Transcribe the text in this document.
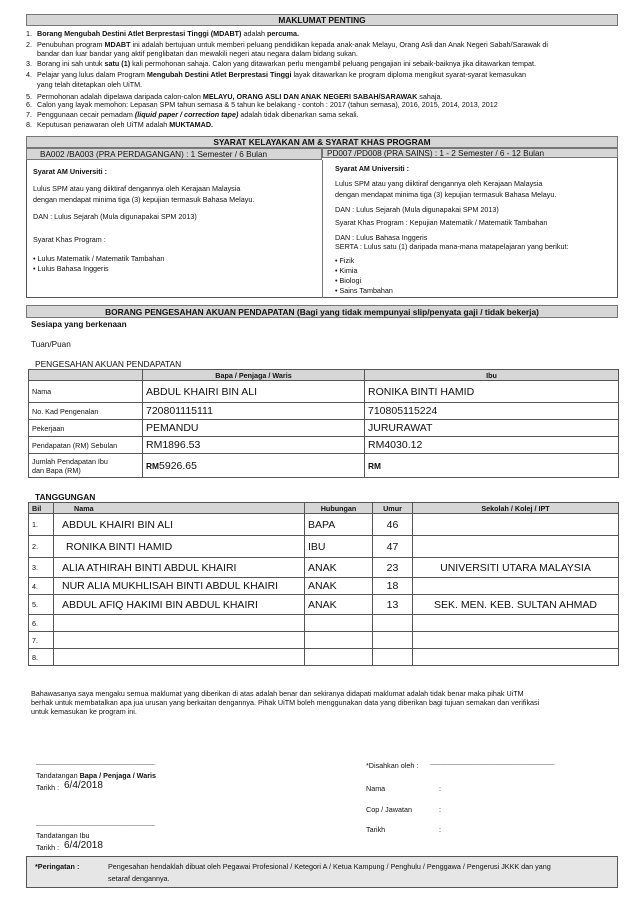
MAKLUMAT PENTING
1. Borang Mengubah Destini Atlet Berprestasi Tinggi (MDABT) adalah percuma.
2. Penubuhan program MDABT ini adalah bertujuan untuk memberi peluang pendidikan kepada anak-anak Melayu, Orang Asli dan Anak Negeri Sabah/Sarawak di
bandar dan luar bandar yang aktif penglibatan dan mewakili negeri atau negara dalam bidang sukan.
3. Borang ini sah untuk satu (1) kali permohonan sahaja. Calon yang ditawarkan perlu mengambil peluang pengajian ini sebaik-baiknya jika ditawarkan tempat.
4. Pelajar yang lulus dalam Program Mengubah Destini Atlet Berprestasi Tinggi layak ditawarkan ke program diploma mengikut syarat-syarat kemasukan
yang telah ditetapkan oleh UiTM.
5. Permohonan adalah dipelawa daripada calon-calon MELAYU, ORANG ASLI DAN ANAK NEGERI SABAH/SARAWAK sahaja.
6. Calon yang layak memohon: Lepasan SPM tahun semasa & 5 tahun ke belakang - contoh : 2017 (tahun semasa), 2016, 2015, 2014, 2013, 2012
7. Penggunaan cecair pemadam (liquid paper / correction tape) adalah tidak dibenarkan sama sekali.
8. Keputusan penawaran oleh UiTM adalah MUKTAMAD.
SYARAT KELAYAKAN AM & SYARAT KHAS PROGRAM
BA002 /BA003 (PRA PERDAGANGAN) : 1 Semester / 6 Bulan	PD007 /PD008 (PRA SAINS) : 1 - 2 Semester / 6 - 12 Bulan
Syarat AM Universiti :
Lulus SPM atau yang diiktiraf dengannya oleh Kerajaan Malaysia
dengan mendapat minima tiga (3) kepujian termasuk Bahasa Melayu.
DAN : Lulus Sejarah (Mula digunapakai SPM 2013)
Syarat Khas Program :
• Lulus Matematik / Matematik Tambahan
• Lulus Bahasa Inggeris
Syarat AM Universiti :
Lulus SPM atau yang diiktiraf dengannya oleh Kerajaan Malaysia
dengan mendapat minima tiga (3) kepujian termasuk Bahasa Melayu.
DAN : Lulus Sejarah (Mula digunapakai SPM 2013)
Syarat Khas Program : Kepujian Matematik / Matematik Tambahan
DAN : Lulus Bahasa Inggeris
SERTA : Lulus satu (1) daripada mana-mana matapelajaran yang berikut:
• Fizik
• Kimia
• Biologi
• Sains Tambahan
BORANG PENGESAHAN AKUAN PENDAPATAN (Bagi yang tidak mempunyai slip/penyata gaji / tidak bekerja)
Sesiapa yang berkenaan
Tuan/Puan
PENGESAHAN AKUAN PENDAPATAN
	Bapa / Penjaga / Waris	Ibu
Nama	ABDUL KHAIRI BIN ALI	RONIKA BINTI HAMID
No. Kad Pengenalan	720801115111	710805115224
Pekerjaan	PEMANDU	JURURAWAT
Pendapatan (RM) Sebulan	RM1896.53	RM4030.12
Jumlah Pendapatan Ibu
dan Bapa (RM)	RM5926.65	RM
TANGGUNGAN
Bil	Nama	Hubungan	Umur	Sekolah / Kolej / IPT
1.	ABDUL KHAIRI BIN ALI	BAPA	46	
2.	RONIKA BINTI HAMID	IBU	47	
3.	ALIA ATHIRAH BINTI ABDUL KHAIRI	ANAK	23	UNIVERSITI UTARA MALAYSIA
4.	NUR ALIA MUKHLISAH BINTI ABDUL KHAIRI	ANAK	18	
5.	ABDUL AFIQ HAKIMI BIN ABDUL KHAIRI	ANAK	13	SEK. MEN. KEB. SULTAN AHMAD
6.				
7.				
8.				
Bahawasanya saya mengaku semua maklumat yang diberikan di atas adalah benar dan sekiranya didapati maklumat adalah tidak benar maka pihak UiTM
berhak untuk membatalkan apa jua urusan yang berkaitan dengannya. Pihak UiTM boleh menggunakan data yang diberikan bagi tujuan semakan dan verifikasi
untuk kemasukan ke program ini.
______________________
Tandatangan Bapa / Penjaga / Waris
Tarikh : 6/4/2018
______________________
Tandatangan Ibu
Tarikh : 6/4/2018
*Disahkan oleh : _______________________
Nama	:
Cop / Jawatan	:
Tarikh	:
*Peringatan :	Pengesahan hendaklah dibuat oleh Pegawai Profesional / Ketegori A / Ketua Kampung / Penghulu / Penggawa / Pengerusi JKKK dan yang
setaraf dengannya.
